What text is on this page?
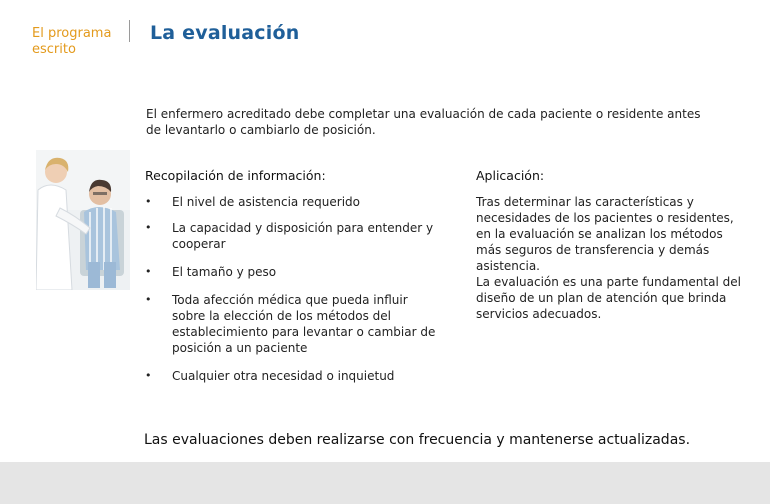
El programa escrito
La evaluación
El enfermero acreditado debe completar una evaluación de cada paciente o residente antes de levantarlo o cambiarlo de posición.
Recopilación de información:	Aplicación:
• El nivel de asistencia requerido
• La capacidad y disposición para entender y cooperar
• El tamaño y peso
• Toda afección médica que pueda influir sobre la elección de los métodos del establecimiento para levantar o cambiar de posición a un paciente
• Cualquier otra necesidad o inquietud
Tras determinar las características y necesidades de los pacientes o residentes, en la evaluación se analizan los métodos más seguros de transferencia y demás asistencia.
La evaluación es una parte fundamental del diseño de un plan de atención que brinda servicios adecuados.
Las evaluaciones deben realizarse con frecuencia y mantenerse actualizadas.
